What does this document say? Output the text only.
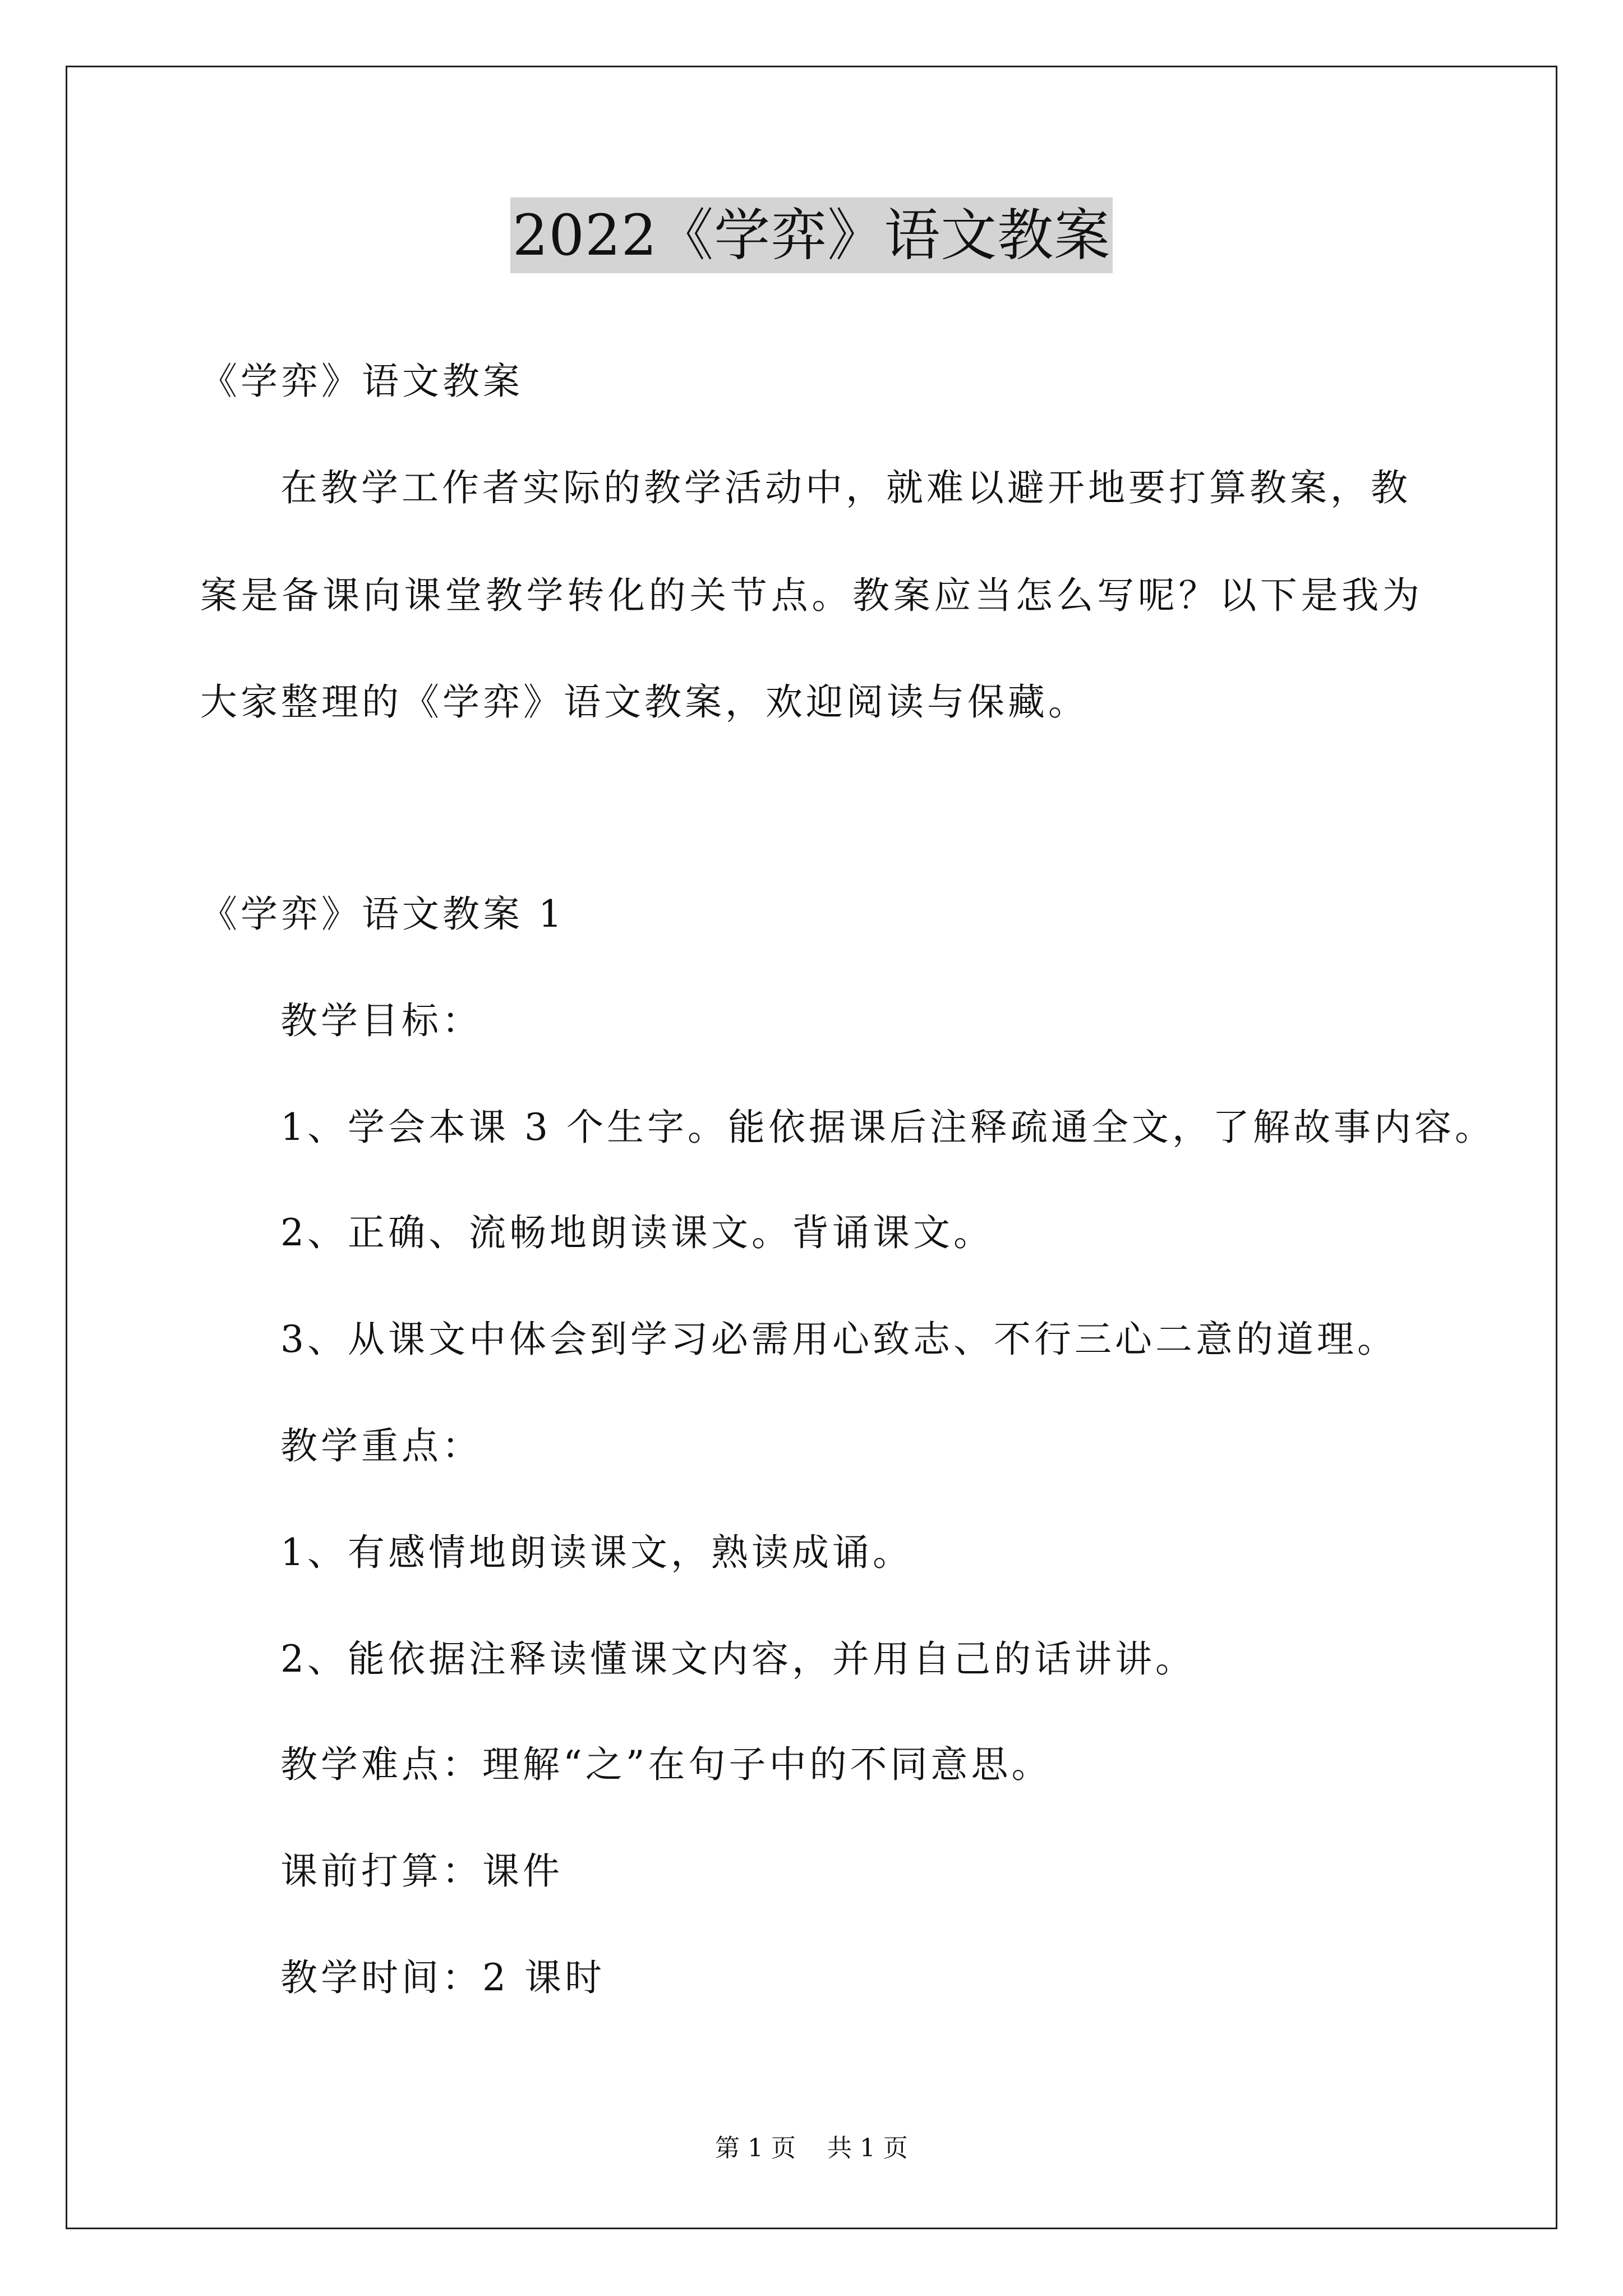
2022《学弈》语文教案
《学弈》语文教案
在教学工作者实际的教学活动中，就难以避开地要打算教案，教
案是备课向课堂教学转化的关节点。教案应当怎么写呢？以下是我为
大家整理的《学弈》语文教案，欢迎阅读与保藏。
《学弈》语文教案 1
教学目标：
1、学会本课 3 个生字。能依据课后注释疏通全文，了解故事内容。
2、正确、流畅地朗读课文。背诵课文。
3、从课文中体会到学习必需用心致志、不行三心二意的道理。
教学重点：
1、有感情地朗读课文，熟读成诵。
2、能依据注释读懂课文内容，并用自己的话讲讲。
教学难点：理解“之”在句子中的不同意思。
课前打算：课件
教学时间：2 课时
第 1 页    共 1 页
